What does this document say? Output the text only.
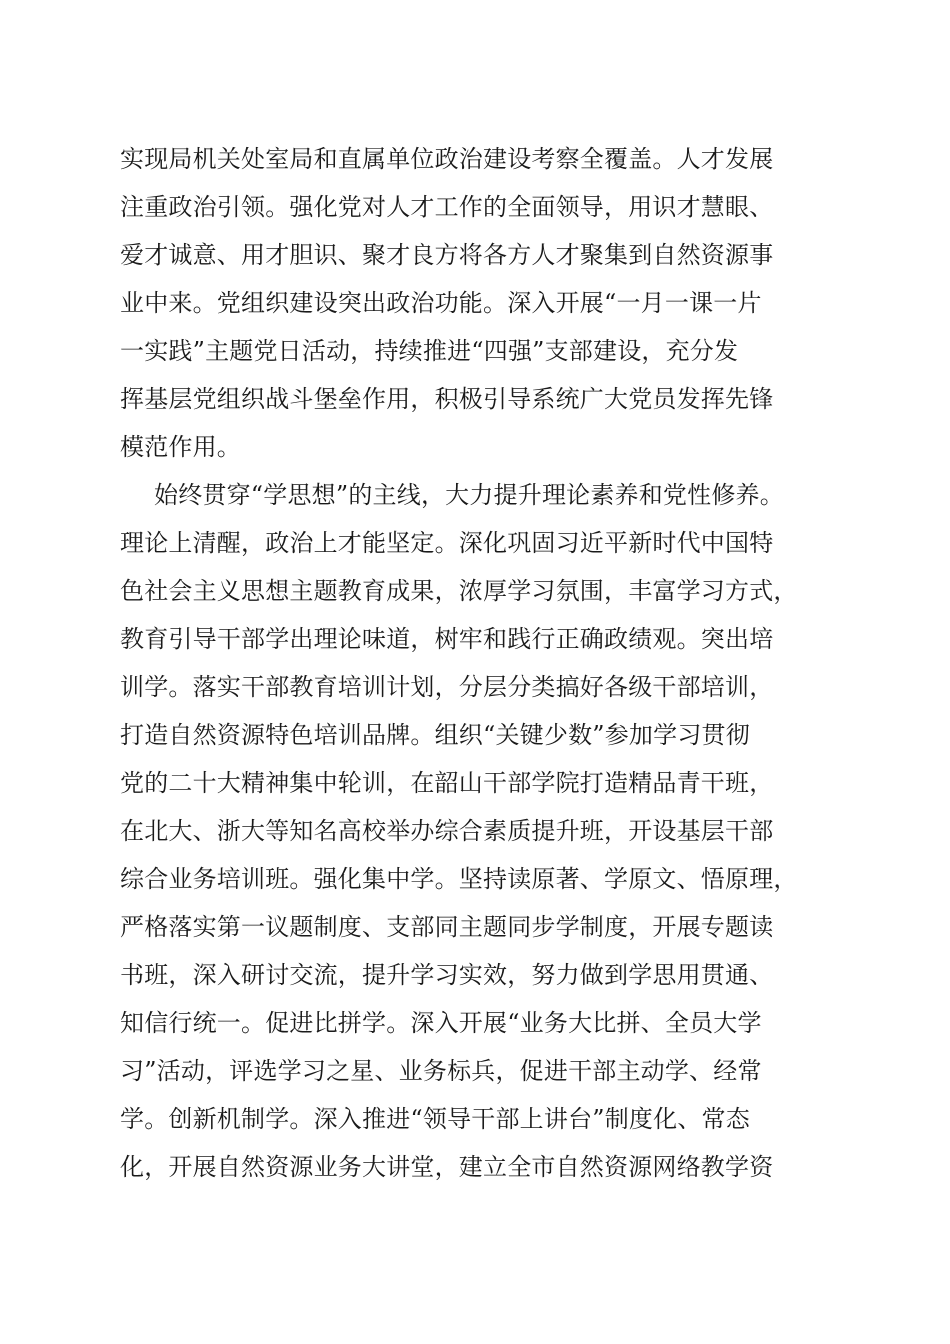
实现局机关处室局和直属单位政治建设考察全覆盖。人才发展
注重政治引领。强化党对人才工作的全面领导，用识才慧眼、
爱才诚意、用才胆识、聚才良方将各方人才聚集到自然资源事
业中来。党组织建设突出政治功能。深入开展“一月一课一片
一实践”主题党日活动，持续推进“四强”支部建设，充分发
挥基层党组织战斗堡垒作用，积极引导系统广大党员发挥先锋
模范作用。
始终贯穿“学思想”的主线，大力提升理论素养和党性修养。
理论上清醒，政治上才能坚定。深化巩固习近平新时代中国特
色社会主义思想主题教育成果，浓厚学习氛围，丰富学习方式，
教育引导干部学出理论味道，树牢和践行正确政绩观。突出培
训学。落实干部教育培训计划，分层分类搞好各级干部培训，
打造自然资源特色培训品牌。组织“关键少数”参加学习贯彻
党的二十大精神集中轮训，在韶山干部学院打造精品青干班，
在北大、浙大等知名高校举办综合素质提升班，开设基层干部
综合业务培训班。强化集中学。坚持读原著、学原文、悟原理，
严格落实第一议题制度、支部同主题同步学制度，开展专题读
书班，深入研讨交流，提升学习实效，努力做到学思用贯通、
知信行统一。促进比拼学。深入开展“业务大比拼、全员大学
习”活动，评选学习之星、业务标兵，促进干部主动学、经常
学。创新机制学。深入推进“领导干部上讲台”制度化、常态
化，开展自然资源业务大讲堂，建立全市自然资源网络教学资
